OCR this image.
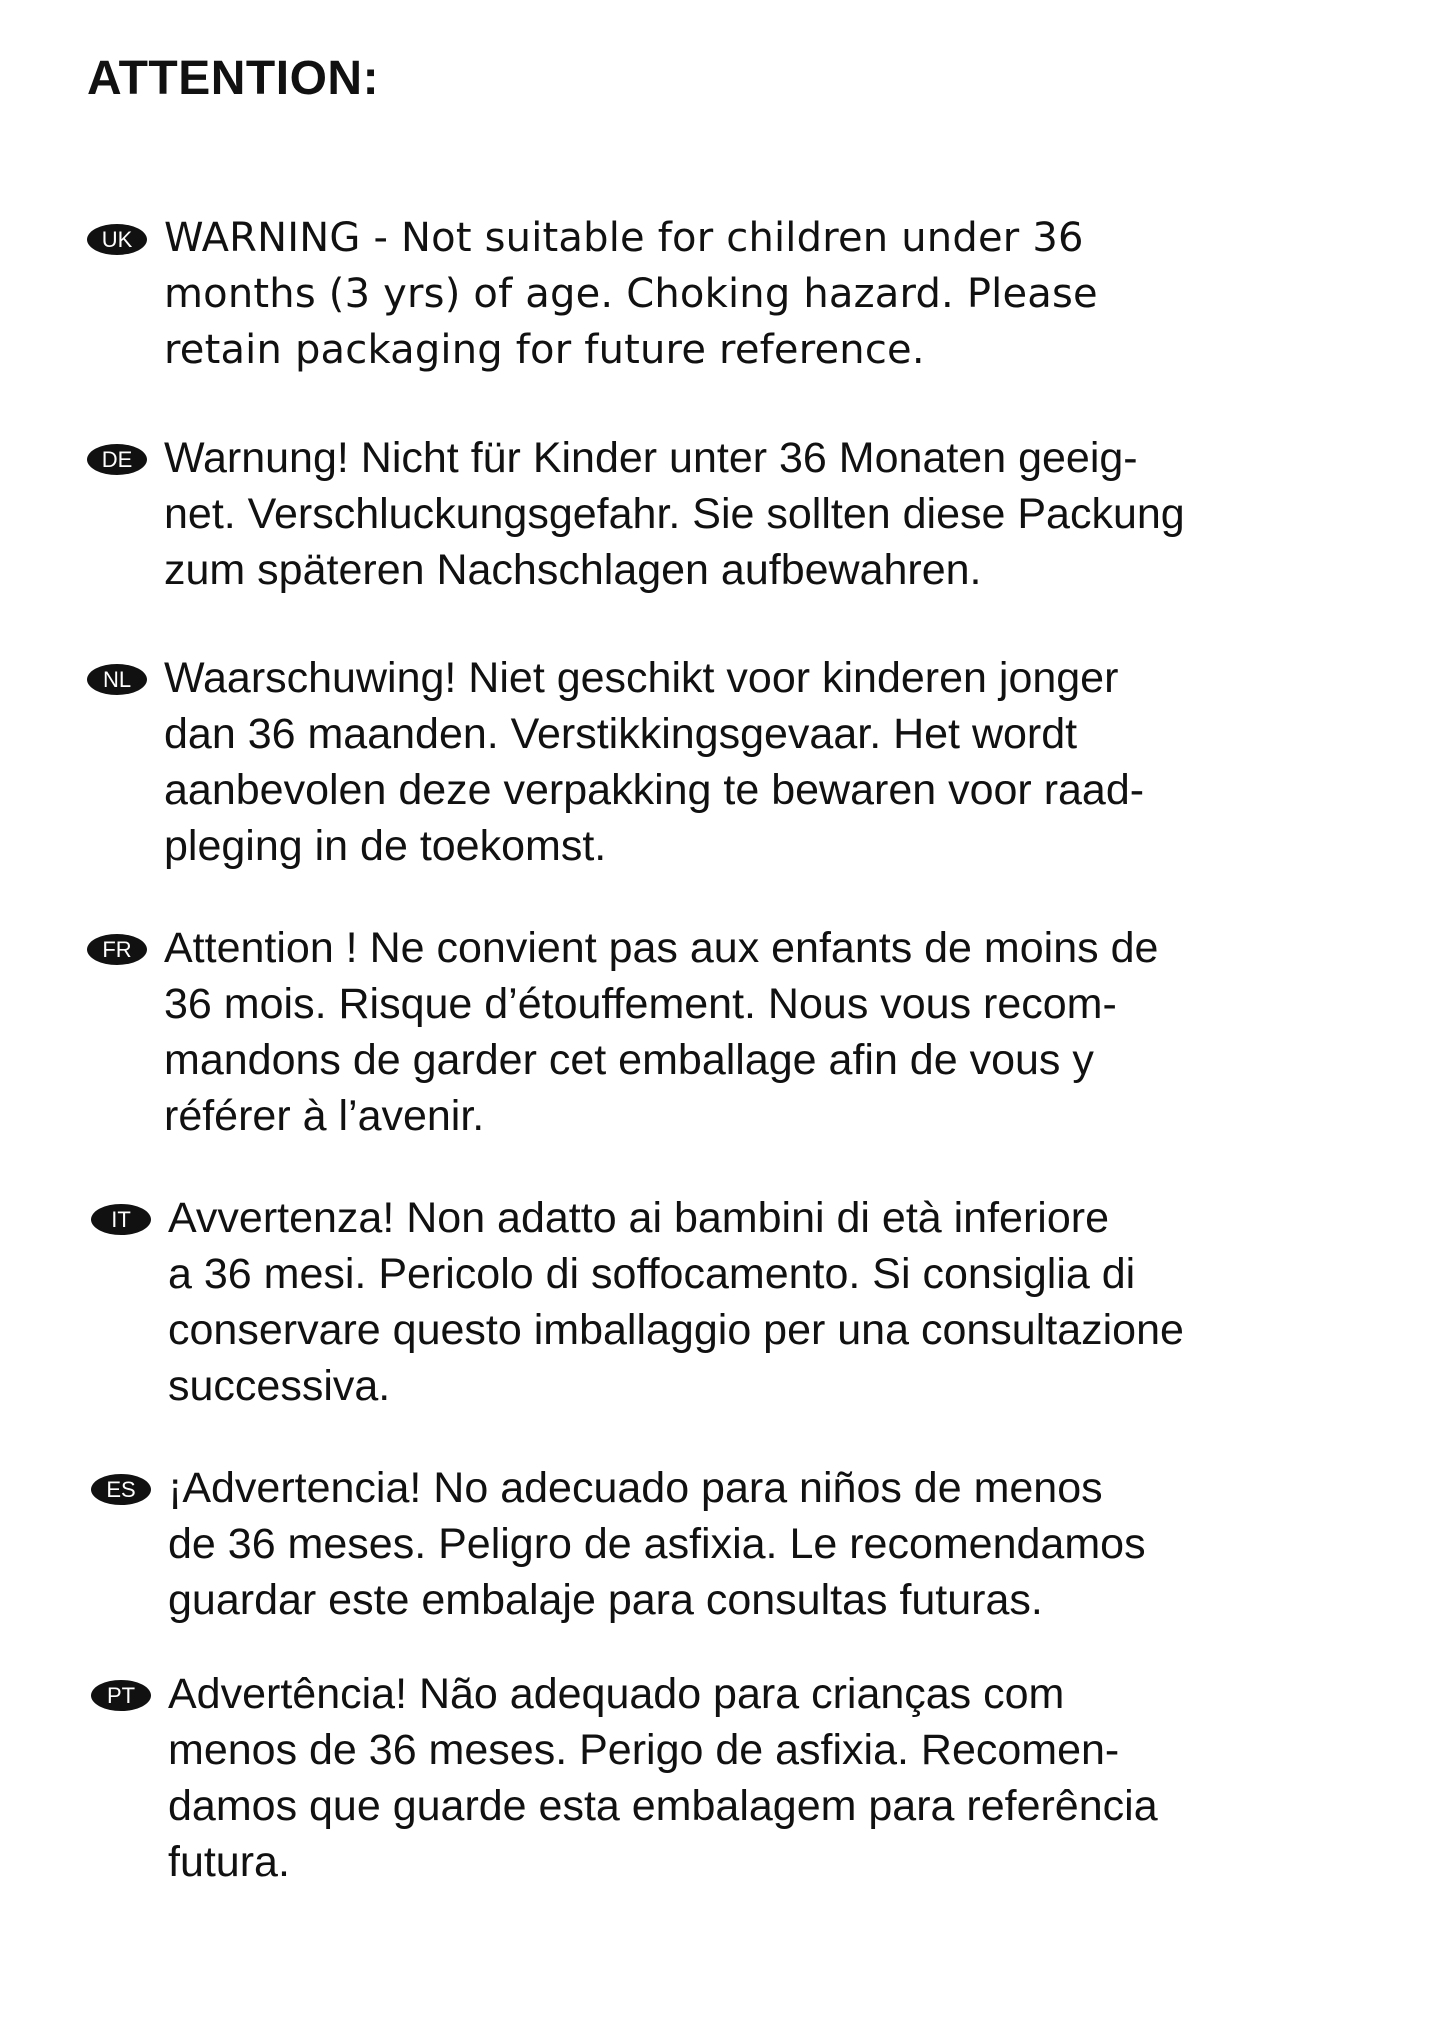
ATTENTION:
UK WARNING - Not suitable for children under 36
months (3 yrs) of age. Choking hazard. Please
retain packaging for future reference.

DE Warnung! Nicht für Kinder unter 36 Monaten geeig-
net. Verschluckungsgefahr. Sie sollten diese Packung
zum späteren Nachschlagen aufbewahren.

NL Waarschuwing! Niet geschikt voor kinderen jonger
dan 36 maanden. Verstikkingsgevaar. Het wordt
aanbevolen deze verpakking te bewaren voor raad-
pleging in de toekomst.

FR Attention ! Ne convient pas aux enfants de moins de
36 mois. Risque d’étouffement. Nous vous recom-
mandons de garder cet emballage afin de vous y
référer à l’avenir.

IT Avvertenza! Non adatto ai bambini di età inferiore
a 36 mesi. Pericolo di soffocamento. Si consiglia di
conservare questo imballaggio per una consultazione
successiva.

ES ¡Advertencia! No adecuado para niños de menos
de 36 meses. Peligro de asfixia. Le recomendamos
guardar este embalaje para consultas futuras.

PT Advertência! Não adequado para crianças com
menos de 36 meses. Perigo de asfixia. Recomen-
damos que guarde esta embalagem para referência
futura.
